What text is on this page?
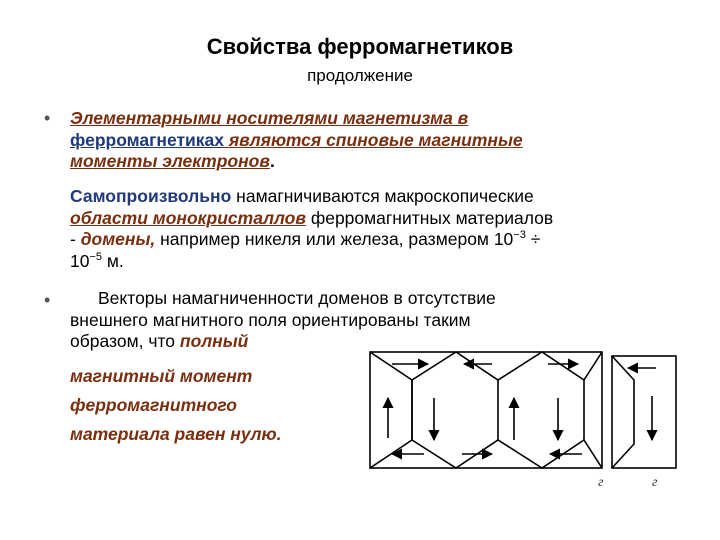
Свойства ферромагнетиков
продолжение
• Элементарными носителями магнетизма в
ферромагнетиках являются спиновые магнитные
моменты электронов.
Самопроизвольно намагничиваются макроскопические
области монокристаллов ферромагнитных материалов
- домены, например никеля или железа, размером $10^{-3}$ ÷
$10^{-5}$ м.
•	Векторы намагниченности доменов в отсутствие
внешнего магнитного поля ориентированы таким
образом, что полный
магнитный момент
ферромагнитного
материала равен нулю.
г	г
